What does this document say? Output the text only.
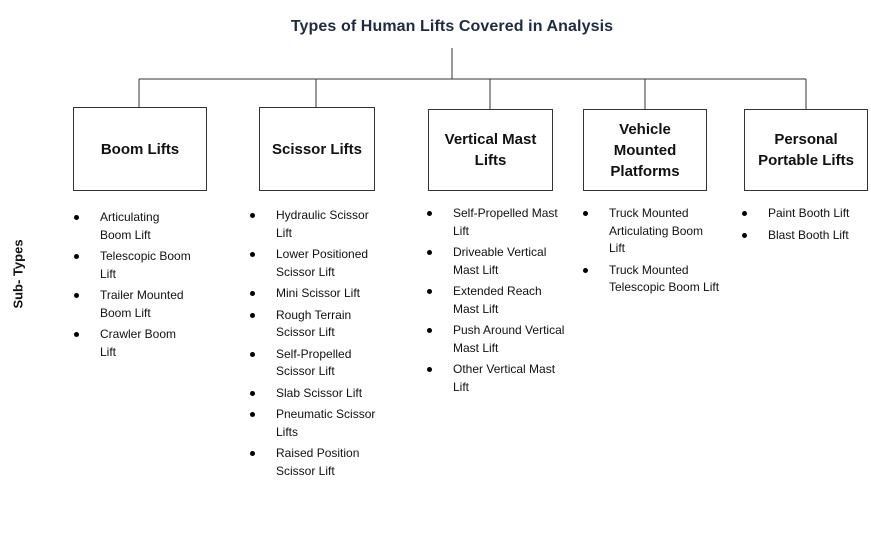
Types of Human Lifts Covered in Analysis
Boom Lifts	Scissor Lifts
Vertical Mast Lifts
Vehicle Mounted Platforms
Personal Portable Lifts
Sub- Types
Articulating Boom Lift
Telescopic Boom Lift
Trailer Mounted Boom Lift
Crawler Boom Lift
Hydraulic Scissor Lift
Lower Positioned Scissor Lift
Mini Scissor Lift
Rough Terrain Scissor Lift
Self-Propelled Scissor Lift
Slab Scissor Lift
Pneumatic Scissor Lifts
Raised Position Scissor Lift
Self-Propelled Mast Lift
Driveable Vertical Mast Lift
Extended Reach Mast Lift
Push Around Vertical Mast Lift
Other Vertical Mast Lift
Truck Mounted Articulating Boom Lift
Truck Mounted Telescopic Boom Lift
Paint Booth Lift
Blast Booth Lift
